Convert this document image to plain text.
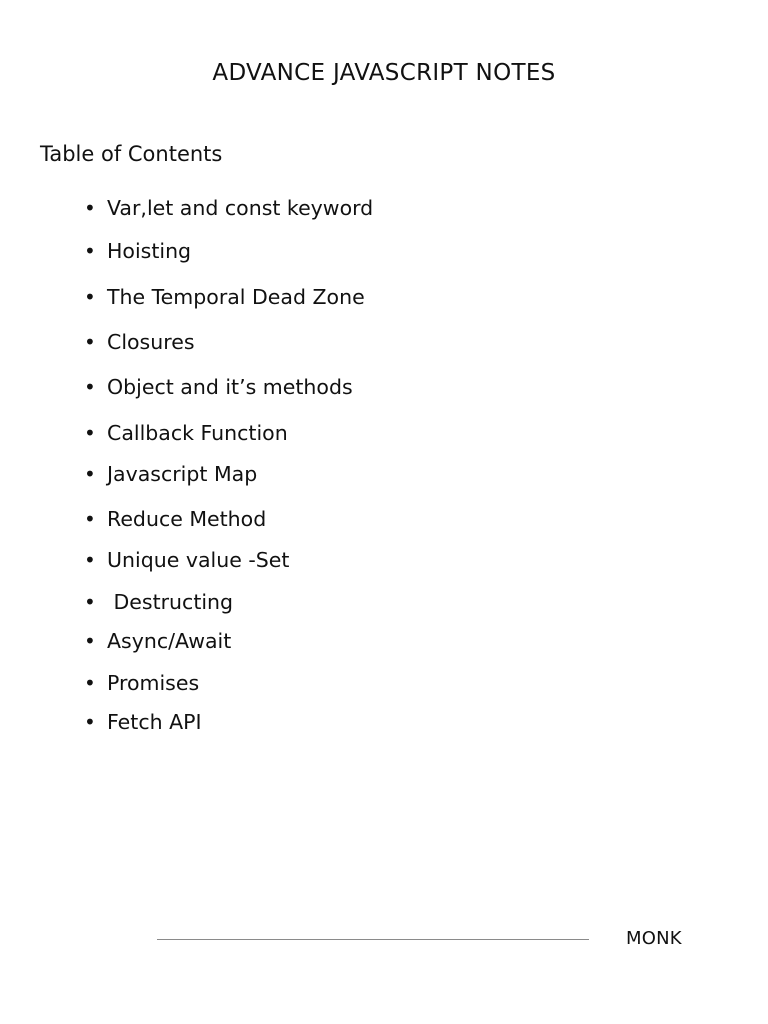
ADVANCE JAVASCRIPT NOTES
Table of Contents
• Var,let and const keyword
• Hoisting
• The Temporal Dead Zone
• Closures
• Object and it’s methods
• Callback Function
• Javascript Map
• Reduce Method
• Unique value -Set
• Destructing
• Async/Await
• Promises
• Fetch API
MONK
